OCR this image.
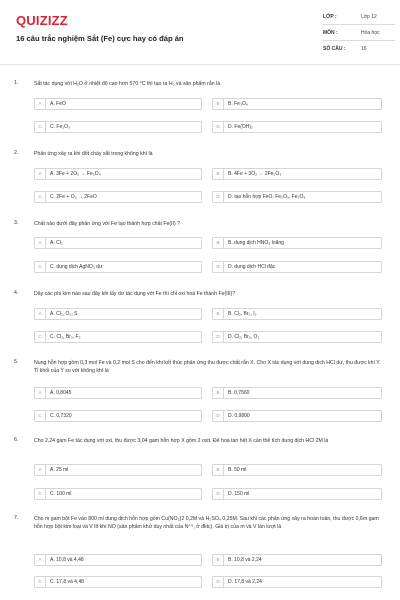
QUIZIZZ
16 câu trắc nghiệm Sắt (Fe) cực hay có đáp án
LỚP :	Lớp 12
MÔN :	Hóa học
SỐ CÂU :	16
1.	Sắt tác dụng với H₂O ở nhiệt độ cao hơn 570 °C thì tạo ra H₂ và sản phẩm rắn là
A	A. FeO	B	B. Fe₃O₄
C	C. Fe₂O₃	D	D. Fe(OH)₂
2.	Phản ứng xảy ra khi đốt cháy sắt trong không khí là
A	A. 3Fe + 2O₂ → Fe₃O₄	B	B. 4Fe + 3O₂ → 2Fe₂O₃
C	C. 2Fe + O₂ → 2FeO	D	D. tạo hỗn hợp FeO, Fe₂O₃, Fe₃O₄
3.	Chất nào dưới đây phản ứng với Fe tạo thành hợp chất Fe(II) ?
A	A. Cl₂	B	B. dung dịch HNO₃ loãng
C	C. dung dịch AgNO₃ dư	D	D. dung dịch HCl đặc
4.	Dãy các phi kim nào sau đây khi lấy dư tác dụng với Fe thì chỉ oxi hoá Fe thành Fe(III)?
A	A. Cl₂, O₂, S	B	B. Cl₂, Br₂, I₂
C	C. Cl₂, Br₂, F₂	D	D. Cl₂, Br₂, O₂
5.	Nung hỗn hợp gồm 0,3 mol Fe và 0,2 mol S cho đến khi kết thúc phản ứng thu được chất rắn X. Cho X tác dụng với dung dịch HCl dư, thu được khí Y. Tỉ khối của Y so với không khí là
A	A. 0,8045	B	B. 0,7560
C	C. 0,7320	D	D. 0,9800
6.	Cho 2,24 gam Fe tác dụng với oxi, thu được 3,04 gam hỗn hợp X gồm 2 oxit. Để hoà tan hết X cần thể tích dung dịch HCl 2M là
A	A. 25 ml	B	B. 50 ml
C	C. 100 ml	D	D. 150 ml
7.	Cho m gam bột Fe vào 800 ml dung dịch hỗn hợp gồm Cu(NO₃)2 0,2M và H₂SO₄ 0,25M. Sau khi các phản ứng xảy ra hoàn toàn, thu được 0,6m gam hỗn hợp bột kim loại và V lít khí NO (sản phẩm khử duy nhất của N⁺⁵, ở đktc). Giá trị của m và V lần lượt là
A	A. 10,8 và 4,48	B	B. 10,8 và 2,24
C	C. 17,8 và 4,48	D	D. 17,8 và 2,24
